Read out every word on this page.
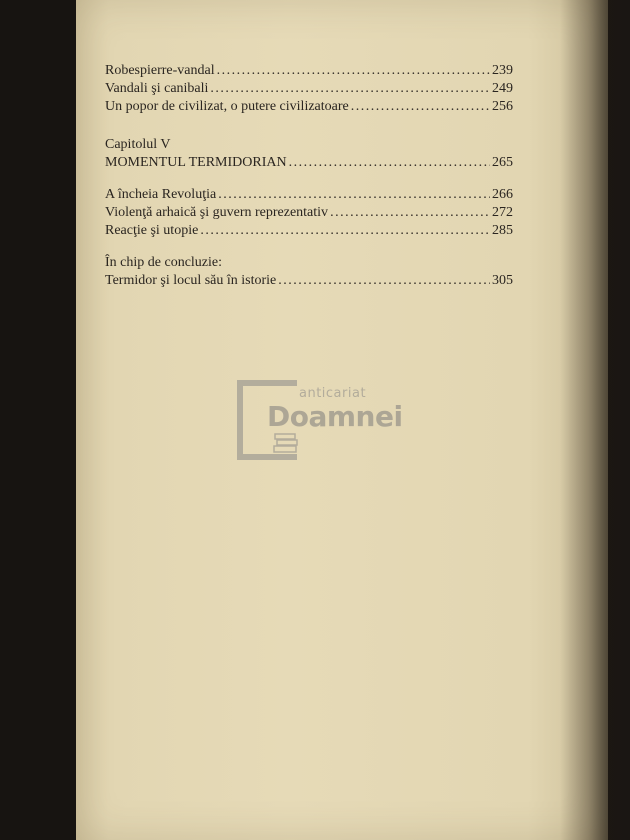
Robespierre-vandal . . .	239
Vandali şi canibali . . .	249
Un popor de civilizat, o putere civilizatoare . . .	256
Capitolul V
MOMENTUL TERMIDORIAN . . .	265
A încheia Revoluţia . . .	266
Violenţă arhaică şi guvern reprezentativ . . .	272
Reacţie şi utopie . . .	285
În chip de concluzie:
Termidor şi locul său în istorie . . .	305
anticariat
Doamnei
